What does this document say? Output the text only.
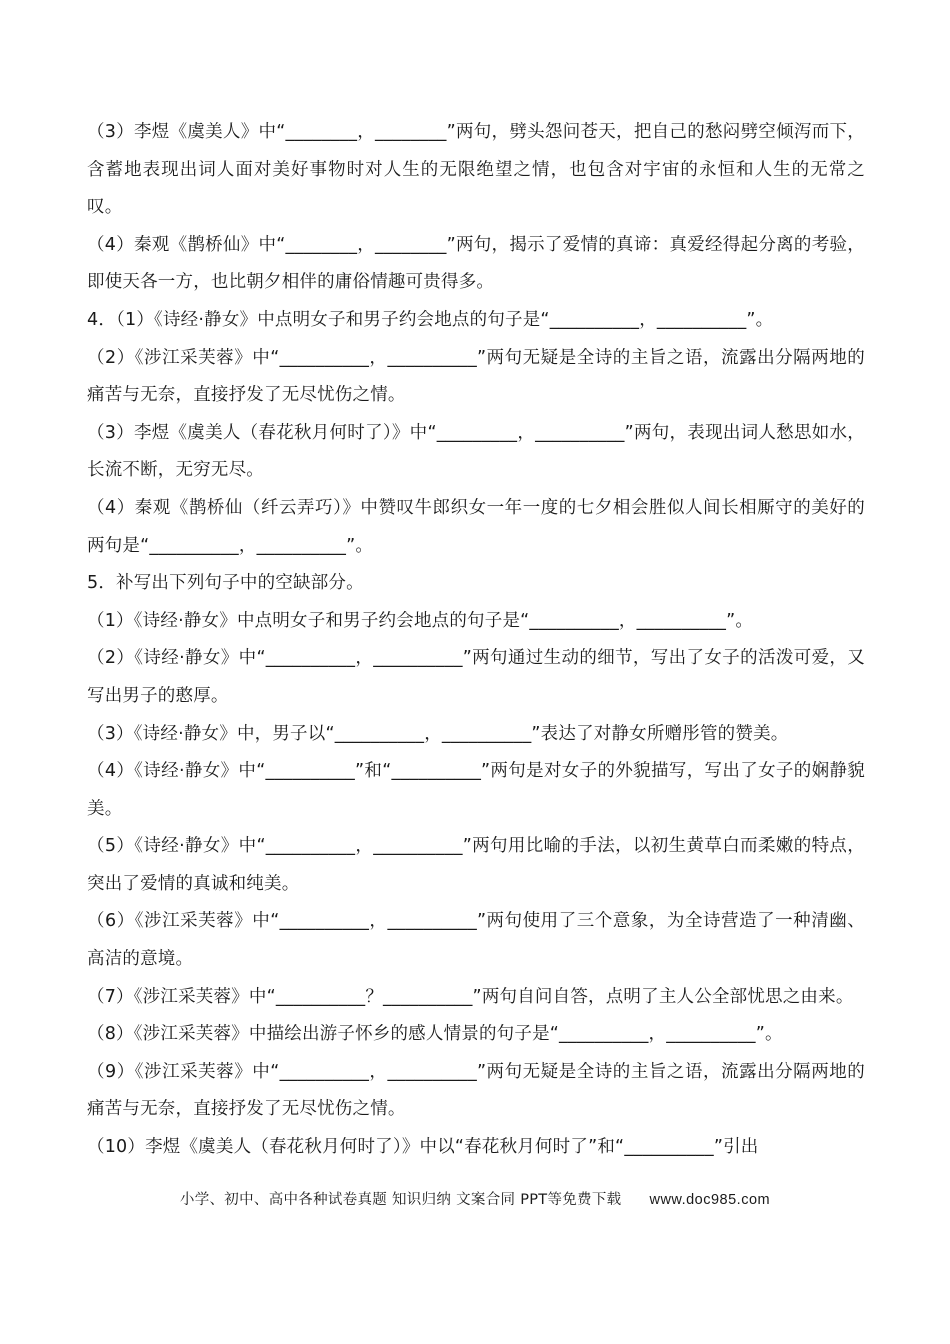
（3）李煜《虞美人》中“________，________”两句，劈头怨问苍天，把自己的愁闷劈空倾泻而下，含蓄地表现出词人面对美好事物时对人生的无限绝望之情，也包含对宇宙的永恒和人生的无常之叹。

（4）秦观《鹊桥仙》中“________，________”两句，揭示了爱情的真谛：真爱经得起分离的考验，即使天各一方，也比朝夕相伴的庸俗情趣可贵得多。

4．（1）《诗经·静女》中点明女子和男子约会地点的句子是“__________，__________”。

（2）《涉江采芙蓉》中“__________，__________”两句无疑是全诗的主旨之语，流露出分隔两地的痛苦与无奈，直接抒发了无尽忧伤之情。

（3）李煜《虞美人（春花秋月何时了）》中“_________，__________”两句，表现出词人愁思如水，长流不断，无穷无尽。

（4）秦观《鹊桥仙（纤云弄巧）》中赞叹牛郎织女一年一度的七夕相会胜似人间长相厮守的美好的两句是“__________，__________”。

5．补写出下列句子中的空缺部分。

（1）《诗经·静女》中点明女子和男子约会地点的句子是“__________，__________”。

（2）《诗经·静女》中“__________，__________”两句通过生动的细节，写出了女子的活泼可爱，又写出男子的憨厚。

（3）《诗经·静女》中，男子以“__________，__________”表达了对静女所赠彤管的赞美。

（4）《诗经·静女》中“__________”和“__________”两句是对女子的外貌描写，写出了女子的娴静貌美。

（5）《诗经·静女》中“__________，__________”两句用比喻的手法，以初生黄草白而柔嫩的特点，突出了爱情的真诚和纯美。

（6）《涉江采芙蓉》中“__________，__________”两句使用了三个意象，为全诗营造了一种清幽、高洁的意境。

（7）《涉江采芙蓉》中“__________？__________”两句自问自答，点明了主人公全部忧思之由来。

（8）《涉江采芙蓉》中描绘出游子怀乡的感人情景的句子是“__________，__________”。

（9）《涉江采芙蓉》中“__________，__________”两句无疑是全诗的主旨之语，流露出分隔两地的痛苦与无奈，直接抒发了无尽忧伤之情。

（10）李煜《虞美人（春花秋月何时了）》中以“春花秋月何时了”和“__________”引出

小学、初中、高中各种试卷真题 知识归纳 文案合同 PPT等免费下载 www.doc985.com
